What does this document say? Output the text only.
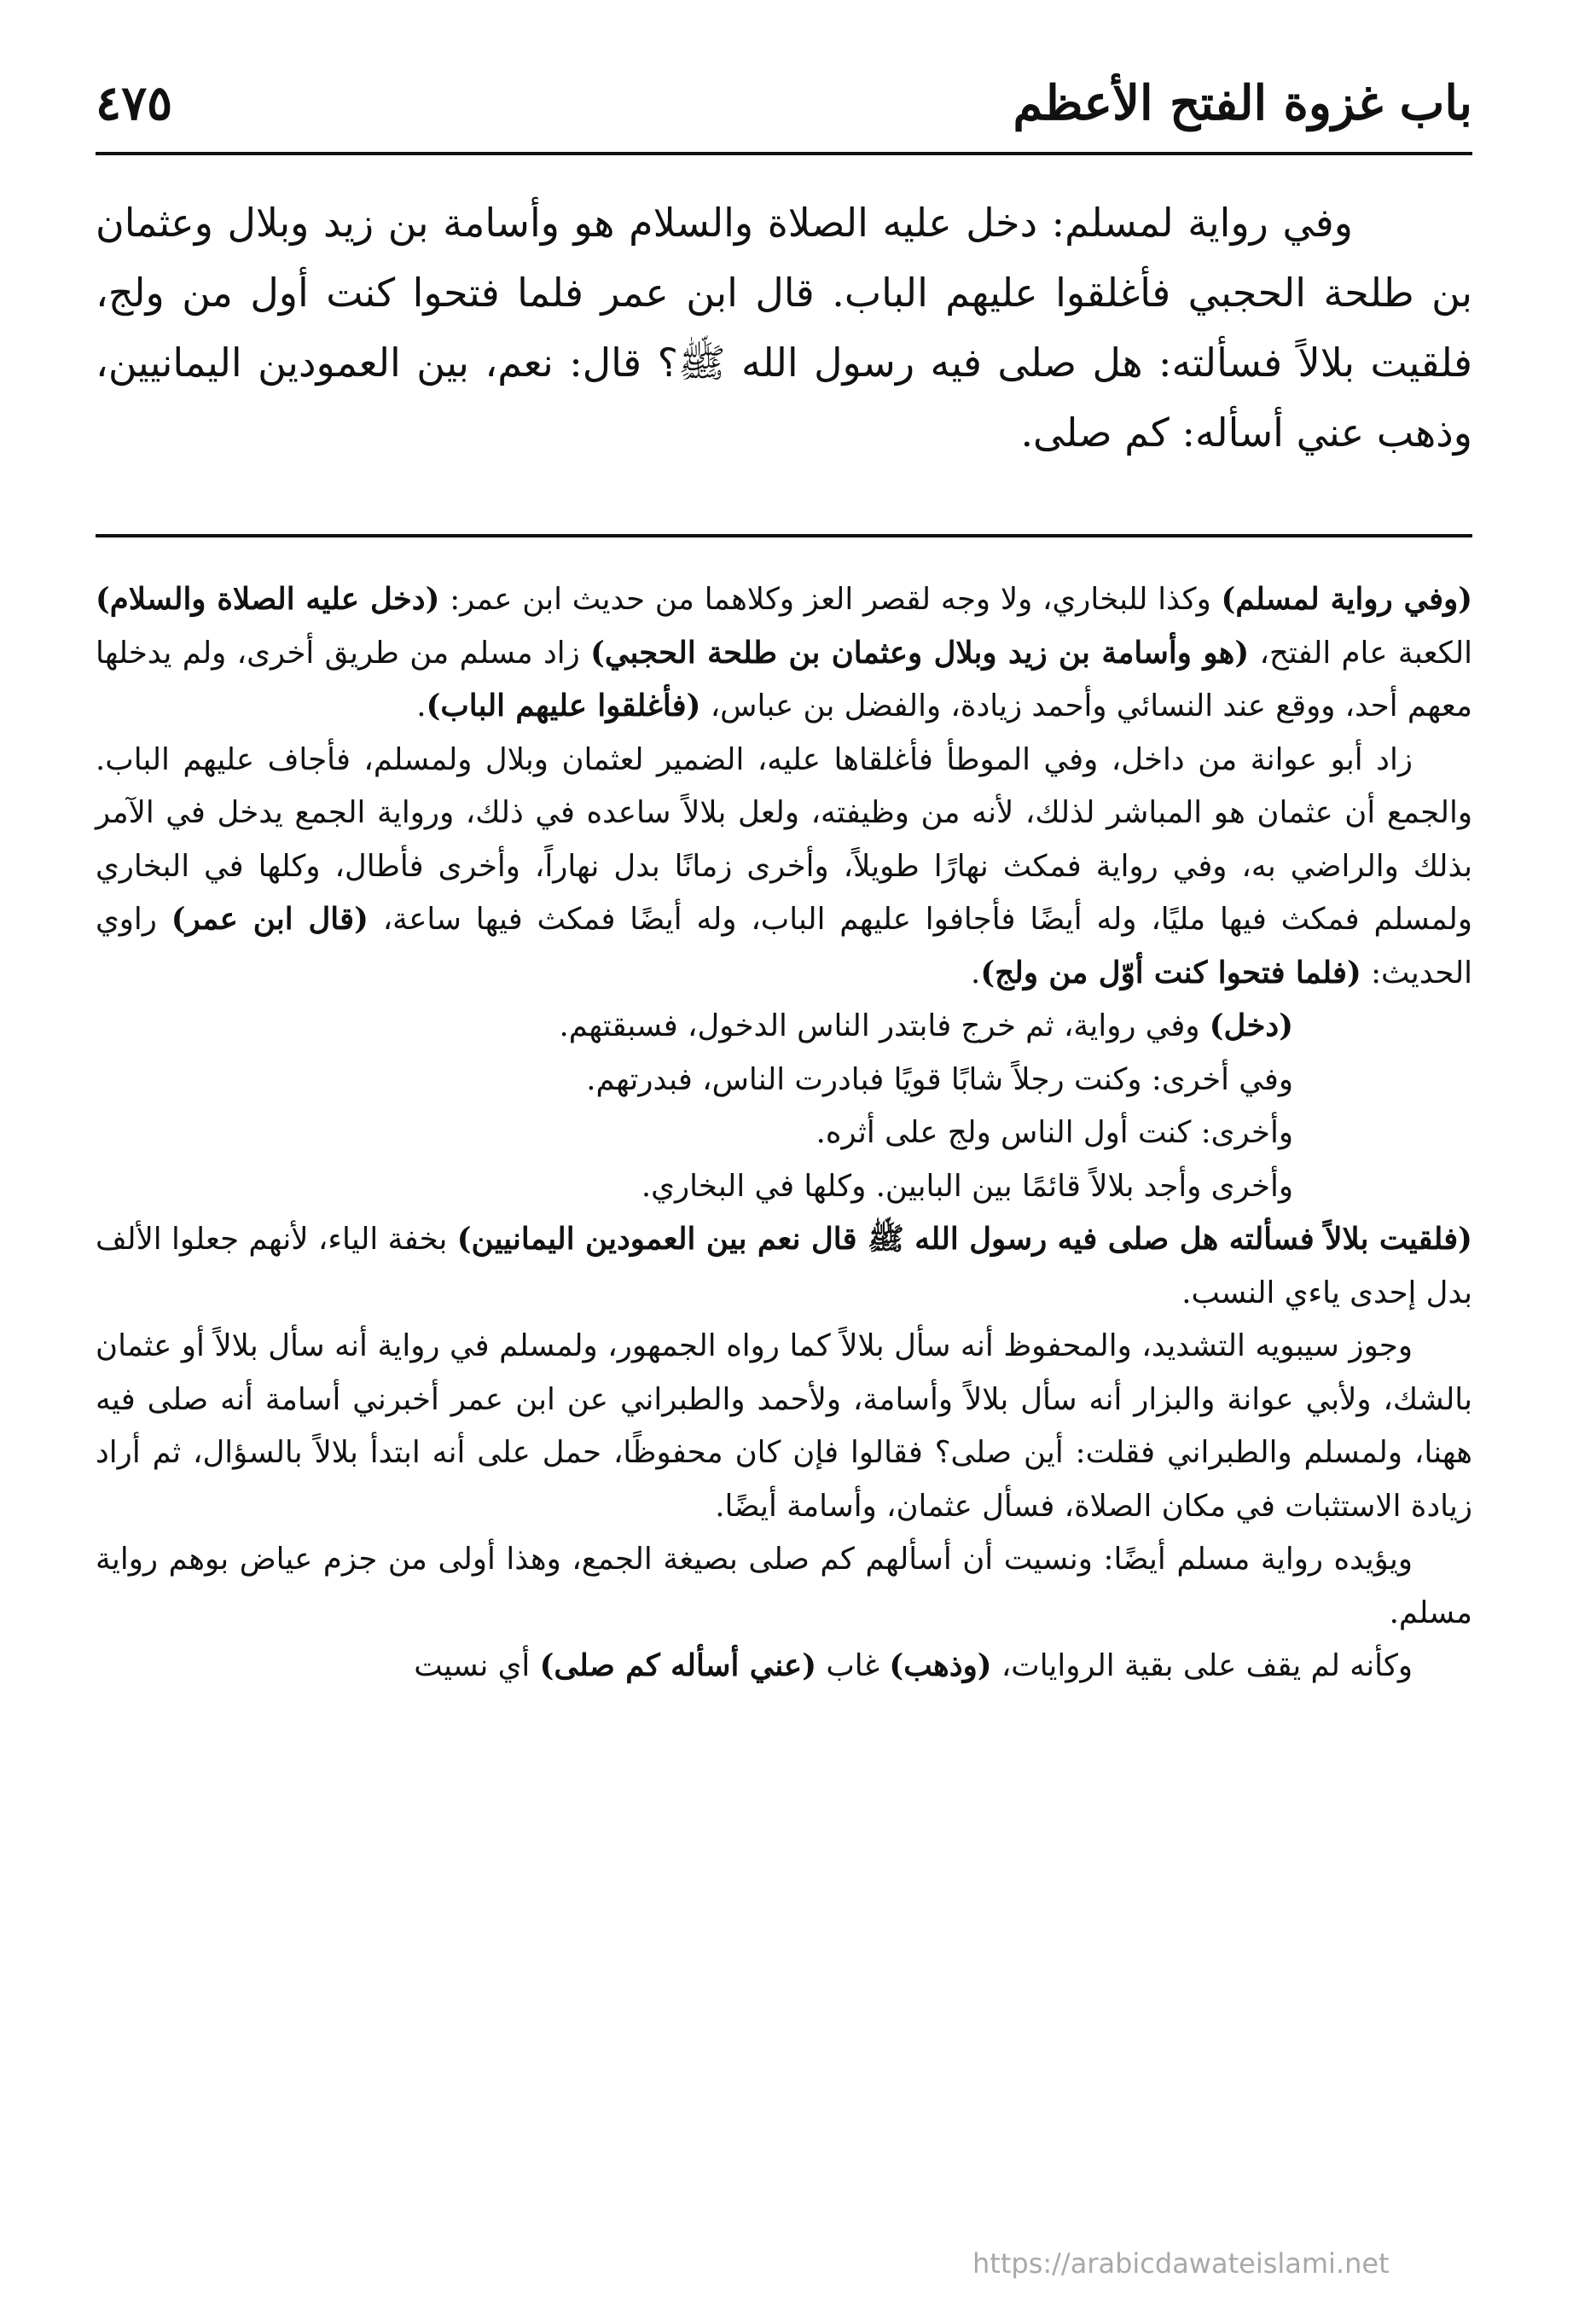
باب غزوة الفتح الأعظم
٤٧٥

وفي رواية لمسلم: دخل عليه الصلاة والسلام هو وأسامة بن زيد وبلال وعثمان بن طلحة الحجبي فأغلقوا عليهم الباب. قال ابن عمر فلما فتحوا كنت أول من ولج، فلقيت بلالاً فسألته: هل صلى فيه رسول الله ﷺ؟ قال: نعم، بين العمودين اليمانيين، وذهب عني أسأله: كم صلى.

(وفي رواية لمسلم) وكذا للبخاري، ولا وجه لقصر العز وكلاهما من حديث ابن عمر: (دخل عليه الصلاة والسلام) الكعبة عام الفتح، (هو وأسامة بن زيد وبلال وعثمان بن طلحة الحجبي) زاد مسلم من طريق أخرى، ولم يدخلها معهم أحد، ووقع عند النسائي وأحمد زيادة، والفضل بن عباس، (فأغلقوا عليهم الباب).

زاد أبو عوانة من داخل، وفي الموطأ فأغلقاها عليه، الضمير لعثمان وبلال ولمسلم، فأجاف عليهم الباب. والجمع أن عثمان هو المباشر لذلك، لأنه من وظيفته، ولعل بلالاً ساعده في ذلك، ورواية الجمع يدخل في الآمر بذلك والراضي به، وفي رواية فمكث نهارًا طويلاً، وأخرى زمانًا بدل نهاراً، وأخرى فأطال، وكلها في البخاري ولمسلم فمكث فيها مليًا، وله أيضًا فأجافوا عليهم الباب، وله أيضًا فمكث فيها ساعة، (قال ابن عمر) راوي الحديث: (فلما فتحوا كنت أوّل من ولج).

(دخل) وفي رواية، ثم خرج فابتدر الناس الدخول، فسبقتهم.

وفي أخرى: وكنت رجلاً شابًا قويًا فبادرت الناس، فبدرتهم.

وأخرى: كنت أول الناس ولج على أثره.

وأخرى وأجد بلالاً قائمًا بين البابين. وكلها في البخاري.

(فلقيت بلالاً فسألته هل صلى فيه رسول الله ﷺ قال نعم بين العمودين اليمانيين) بخفة الياء، لأنهم جعلوا الألف بدل إحدى ياءي النسب.

وجوز سيبويه التشديد، والمحفوظ أنه سأل بلالاً كما رواه الجمهور، ولمسلم في رواية أنه سأل بلالاً أو عثمان بالشك، ولأبي عوانة والبزار أنه سأل بلالاً وأسامة، ولأحمد والطبراني عن ابن عمر أخبرني أسامة أنه صلى فيه ههنا، ولمسلم والطبراني فقلت: أين صلى؟ فقالوا فإن كان محفوظًا، حمل على أنه ابتدأ بلالاً بالسؤال، ثم أراد زيادة الاستثبات في مكان الصلاة، فسأل عثمان، وأسامة أيضًا.

ويؤيده رواية مسلم أيضًا: ونسيت أن أسألهم كم صلى بصيغة الجمع، وهذا أولى من جزم عياض بوهم رواية مسلم.

وكأنه لم يقف على بقية الروايات، (وذهب) غاب (عني أسأله كم صلى) أي نسيت

https://arabicdawateislami.net
